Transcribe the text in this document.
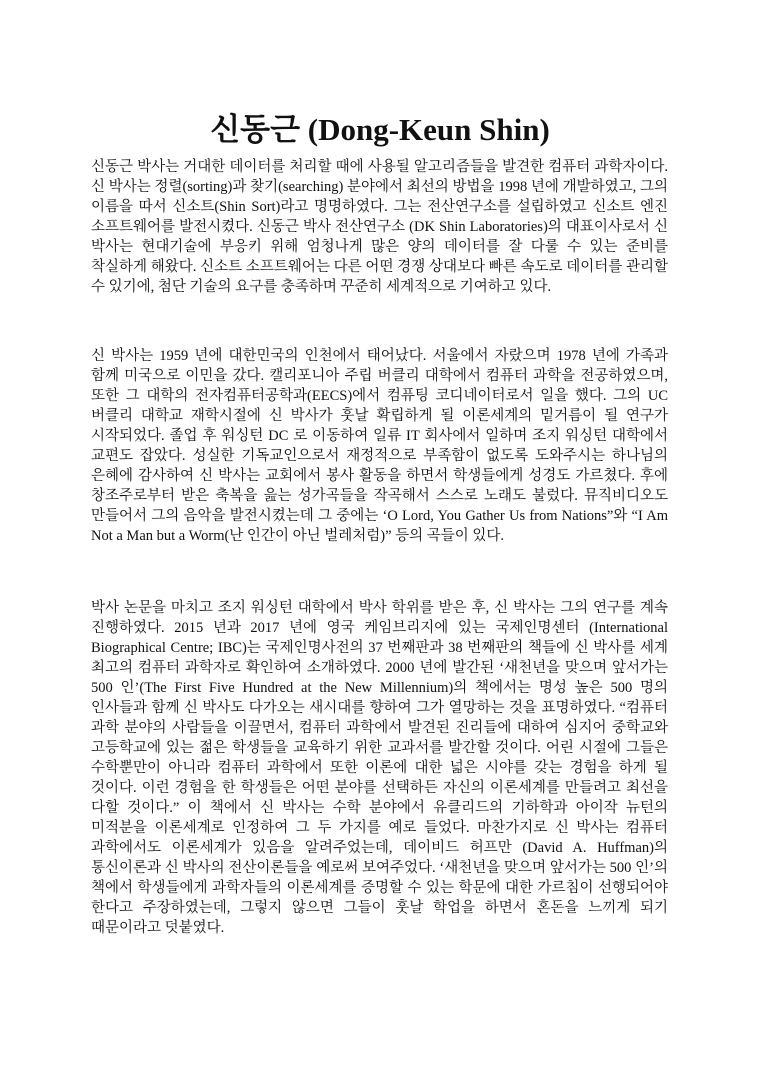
신동근 (Dong-Keun Shin)

신동근 박사는 거대한 데이터를 처리할 때에 사용될 알고리즘들을 발견한 컴퓨터 과학자이다. 신 박사는 정렬(sorting)과 찾기(searching) 분야에서 최선의 방법을 1998 년에 개발하였고, 그의 이름을 따서 신소트(Shin Sort)라고 명명하였다. 그는 전산연구소를 설립하였고 신소트 엔진 소프트웨어를 발전시켰다. 신동근 박사 전산연구소 (DK Shin Laboratories)의 대표이사로서 신 박사는 현대기술에 부응키 위해 엄청나게 많은 양의 데이터를 잘 다룰 수 있는 준비를 착실하게 해왔다. 신소트 소프트웨어는 다른 어떤 경쟁 상대보다 빠른 속도로 데이터를 관리할 수 있기에, 첨단 기술의 요구를 충족하며 꾸준히 세계적으로 기여하고 있다.

신 박사는 1959 년에 대한민국의 인천에서 태어났다. 서울에서 자랐으며 1978 년에 가족과 함께 미국으로 이민을 갔다. 캘리포니아 주립 버클리 대학에서 컴퓨터 과학을 전공하였으며, 또한 그 대학의 전자컴퓨터공학과(EECS)에서 컴퓨팅 코디네이터로서 일을 했다. 그의 UC 버클리 대학교 재학시절에 신 박사가 훗날 확립하게 될 이론세계의 밑거름이 될 연구가 시작되었다. 졸업 후 워싱턴 DC 로 이동하여 일류 IT 회사에서 일하며 조지 워싱턴 대학에서 교편도 잡았다. 성실한 기독교인으로서 재정적으로 부족함이 없도록 도와주시는 하나님의 은혜에 감사하여 신 박사는 교회에서 봉사 활동을 하면서 학생들에게 성경도 가르쳤다. 후에 창조주로부터 받은 축복을 읊는 성가곡들을 작곡해서 스스로 노래도 불렀다. 뮤직비디오도 만들어서 그의 음악을 발전시켰는데 그 중에는 ‘O Lord, You Gather Us from Nations”와 “I Am Not a Man but a Worm(난 인간이 아닌 벌레처럼)” 등의 곡들이 있다.

박사 논문을 마치고 조지 워싱턴 대학에서 박사 학위를 받은 후, 신 박사는 그의 연구를 계속 진행하였다. 2015 년과 2017 년에 영국 케임브리지에 있는 국제인명센터 (International Biographical Centre; IBC)는 국제인명사전의 37 번째판과 38 번째판의 책들에 신 박사를 세계 최고의 컴퓨터 과학자로 확인하여 소개하였다. 2000 년에 발간된 ‘새천년을 맞으며 앞서가는 500 인’(The First Five Hundred at the New Millennium)의 책에서는 명성 높은 500 명의 인사들과 함께 신 박사도 다가오는 새시대를 향하여 그가 열망하는 것을 표명하였다. “컴퓨터 과학 분야의 사람들을 이끌면서, 컴퓨터 과학에서 발견된 진리들에 대하여 심지어 중학교와 고등학교에 있는 젊은 학생들을 교육하기 위한 교과서를 발간할 것이다. 어린 시절에 그들은 수학뿐만이 아니라 컴퓨터 과학에서 또한 이론에 대한 넓은 시야를 갖는 경험을 하게 될 것이다. 이런 경험을 한 학생들은 어떤 분야를 선택하든 자신의 이론세계를 만들려고 최선을 다할 것이다.” 이 책에서 신 박사는 수학 분야에서 유클리드의 기하학과 아이작 뉴턴의 미적분을 이론세계로 인정하여 그 두 가지를 예로 들었다. 마찬가지로 신 박사는 컴퓨터 과학에서도 이론세계가 있음을 알려주었는데, 데이비드 허프만 (David A. Huffman)의 통신이론과 신 박사의 전산이론들을 예로써 보여주었다. ‘새천년을 맞으며 앞서가는 500 인’의 책에서 학생들에게 과학자들의 이론세계를 증명할 수 있는 학문에 대한 가르침이 선행되어야 한다고 주장하였는데, 그렇지 않으면 그들이 훗날 학업을 하면서 혼돈을 느끼게 되기 때문이라고 덧붙였다.
